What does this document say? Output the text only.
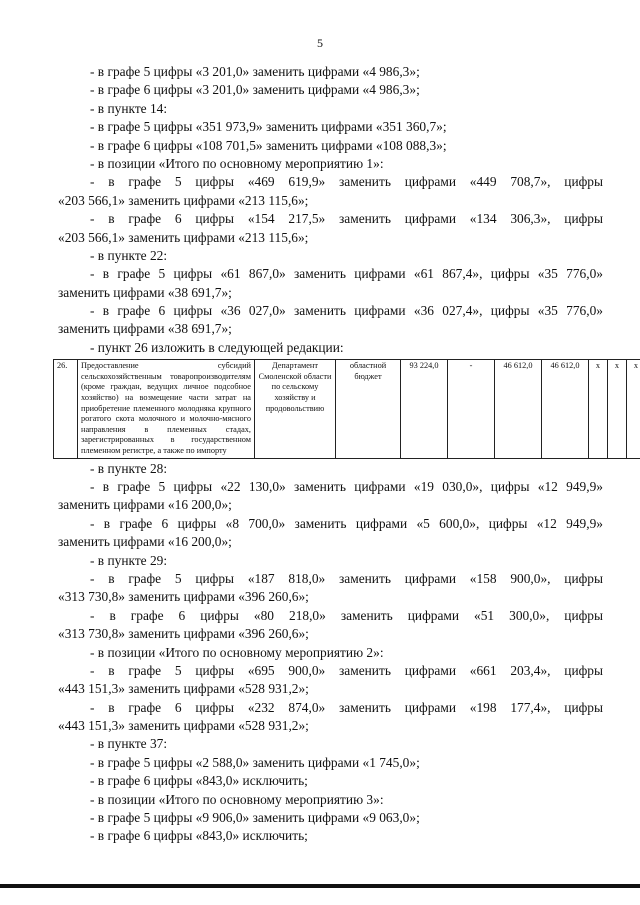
5
- в графе 5 цифры «3 201,0» заменить цифрами «4 986,3»;
- в графе 6 цифры «3 201,0» заменить цифрами «4 986,3»;
- в пункте 14:
- в графе 5 цифры «351 973,9» заменить цифрами «351 360,7»;
- в графе 6 цифры «108 701,5» заменить цифрами «108 088,3»;
- в позиции «Итого по основному мероприятию 1»:
- в графе 5 цифры «469 619,9» заменить цифрами «449 708,7», цифры
«203 566,1» заменить цифрами «213 115,6»;
- в графе 6 цифры «154 217,5» заменить цифрами «134 306,3», цифры
«203 566,1» заменить цифрами «213 115,6»;
- в пункте 22:
- в графе 5 цифры «61 867,0» заменить цифрами «61 867,4», цифры «35 776,0»
заменить цифрами «38 691,7»;
- в графе 6 цифры «36 027,0» заменить цифрами «36 027,4», цифры «35 776,0»
заменить цифрами «38 691,7»;
- пункт 26 изложить в следующей редакции:
26.	Предоставление субсидий сельскохозяйственным товаропроизводителям (кроме граждан, ведущих личное подсобное хозяйство) на возмещение части затрат на приобретение племенного молодняка крупного рогатого скота молочного и молочно-мясного направления в племенных стадах, зарегистрированных в государственном племенном регистре, а также по импорту	Департамент Смоленской области по сельскому хозяйству и продовольствию	областной бюджет	93 224,0	-	46 612,0	46 612,0	х	х	х
- в пункте 28:
- в графе 5 цифры «22 130,0» заменить цифрами «19 030,0», цифры «12 949,9»
заменить цифрами «16 200,0»;
- в графе 6 цифры «8 700,0» заменить цифрами «5 600,0», цифры «12 949,9»
заменить цифрами «16 200,0»;
- в пункте 29:
- в графе 5 цифры «187 818,0» заменить цифрами «158 900,0», цифры
«313 730,8» заменить цифрами «396 260,6»;
- в графе 6 цифры «80 218,0» заменить цифрами «51 300,0», цифры
«313 730,8» заменить цифрами «396 260,6»;
- в позиции «Итого по основному мероприятию 2»:
- в графе 5 цифры «695 900,0» заменить цифрами «661 203,4», цифры
«443 151,3» заменить цифрами «528 931,2»;
- в графе 6 цифры «232 874,0» заменить цифрами «198 177,4», цифры
«443 151,3» заменить цифрами «528 931,2»;
- в пункте 37:
- в графе 5 цифры «2 588,0» заменить цифрами «1 745,0»;
- в графе 6 цифры «843,0» исключить;
- в позиции «Итого по основному мероприятию 3»:
- в графе 5 цифры «9 906,0» заменить цифрами «9 063,0»;
- в графе 6 цифры «843,0» исключить;
